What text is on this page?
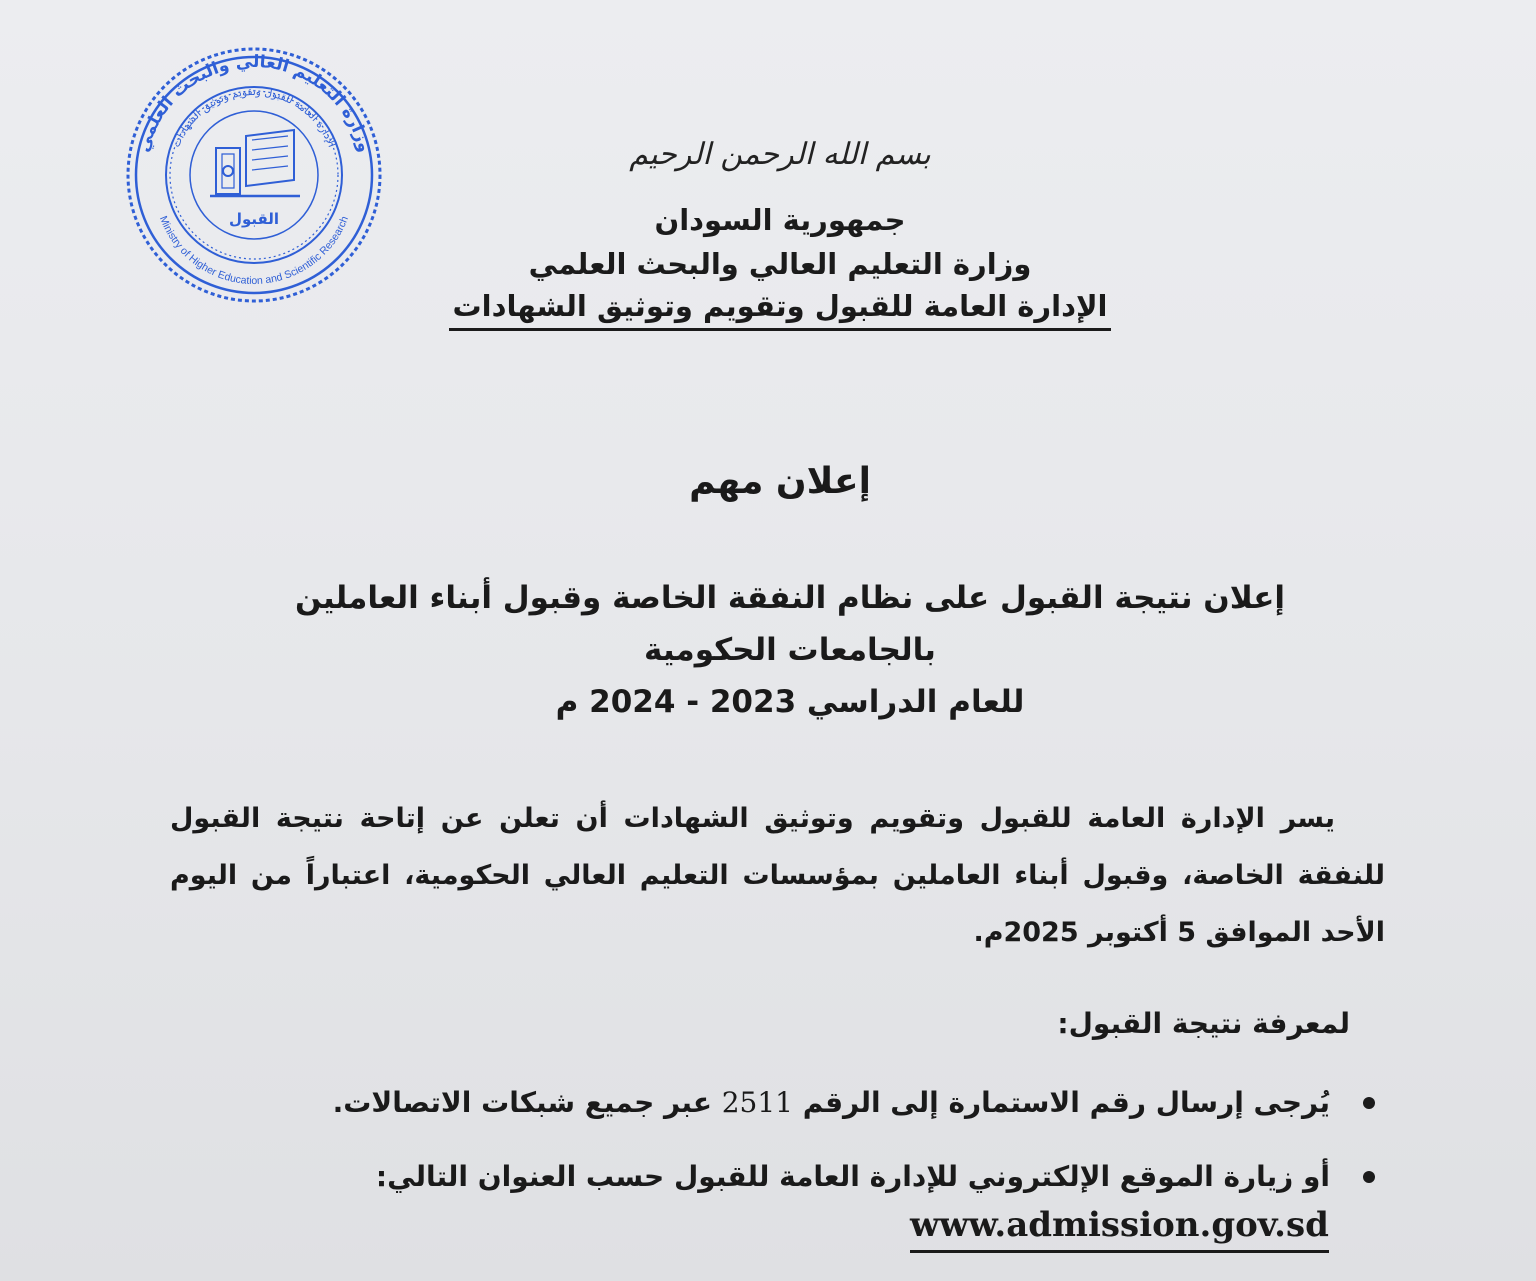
وزارة التعليم العالي والبحث العلمي
الإدارة العامة للقبول وتقويم وتوثيق الشهادات
Ministry of Higher Education and Scientific Research
القبول
بسم الله الرحمن الرحيم
جمهورية السودان
وزارة التعليم العالي والبحث العلمي
الإدارة العامة للقبول وتقويم وتوثيق الشهادات
إعلان مهم
إعلان نتيجة القبول على نظام النفقة الخاصة وقبول أبناء العاملين
بالجامعات الحكومية
للعام الدراسي 2023 - 2024 م
يسر الإدارة العامة للقبول وتقويم وتوثيق الشهادات أن تعلن عن إتاحة نتيجة القبول للنفقة الخاصة، وقبول أبناء العاملين بمؤسسات التعليم العالي الحكومية، اعتباراً من اليوم الأحد الموافق 5 أكتوبر 2025م.
لمعرفة نتيجة القبول:
يُرجى إرسال رقم الاستمارة إلى الرقم 2511 عبر جميع شبكات الاتصالات.
أو زيارة الموقع الإلكتروني للإدارة العامة للقبول حسب العنوان التالي:
www.admission.gov.sd
